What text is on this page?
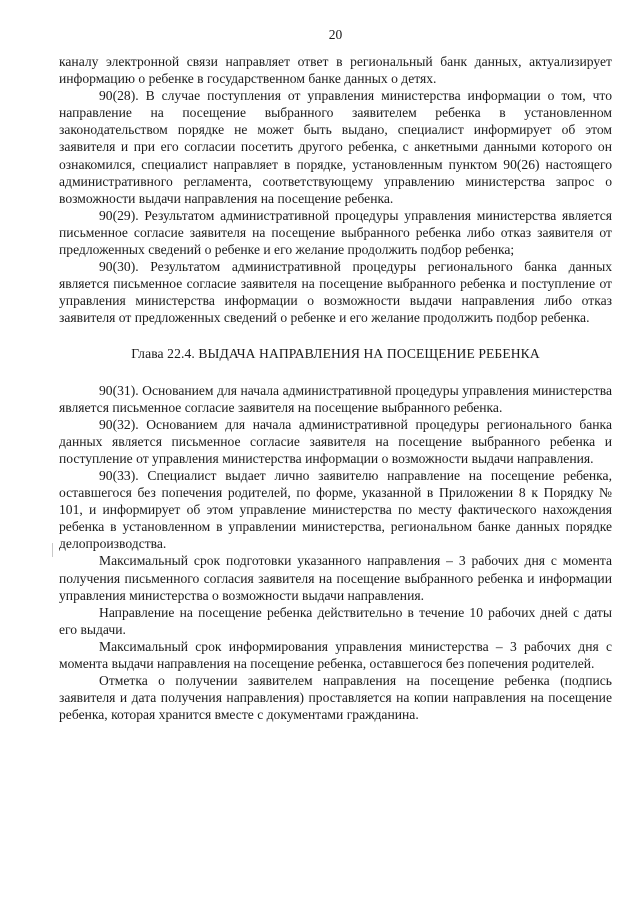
20

каналу электронной связи направляет ответ в региональный банк данных, актуализирует информацию о ребенке в государственном банке данных о детях.

90(28). В случае поступления от управления министерства информации о том, что направление на посещение выбранного заявителем ребенка в установленном законодательством порядке не может быть выдано, специалист информирует об этом заявителя и при его согласии посетить другого ребенка, с анкетными данными которого он ознакомился, специалист направляет в порядке, установленным пунктом 90(26) настоящего административного регламента, соответствующему управлению министерства запрос о возможности выдачи направления на посещение ребенка.

90(29). Результатом административной процедуры управления министерства является письменное согласие заявителя на посещение выбранного ребенка либо отказ заявителя от предложенных сведений о ребенке и его желание продолжить подбор ребенка;

90(30). Результатом административной процедуры регионального банка данных является письменное согласие заявителя на посещение выбранного ребенка и поступление от управления министерства информации о возможности выдачи направления либо отказ заявителя от предложенных сведений о ребенке и его желание продолжить подбор ребенка.

Глава 22.4. ВЫДАЧА НАПРАВЛЕНИЯ НА ПОСЕЩЕНИЕ РЕБЕНКА

90(31). Основанием для начала административной процедуры управления министерства является письменное согласие заявителя на посещение выбранного ребенка.

90(32). Основанием для начала административной процедуры регионального банка данных является письменное согласие заявителя на посещение выбранного ребенка и поступление от управления министерства информации о возможности выдачи направления.

90(33). Специалист выдает лично заявителю направление на посещение ребенка, оставшегося без попечения родителей, по форме, указанной в Приложении 8 к Порядку № 101, и информирует об этом управление министерства по месту фактического нахождения ребенка в установленном в управлении министерства, региональном банке данных порядке делопроизводства.

Максимальный срок подготовки указанного направления – 3 рабочих дня с момента получения письменного согласия заявителя на посещение выбранного ребенка и информации управления министерства о возможности выдачи направления.

Направление на посещение ребенка действительно в течение 10 рабочих дней с даты его выдачи.

Максимальный срок информирования управления министерства – 3 рабочих дня с момента выдачи направления на посещение ребенка, оставшегося без попечения родителей.

Отметка о получении заявителем направления на посещение ребенка (подпись заявителя и дата получения направления) проставляется на копии направления на посещение ребенка, которая хранится вместе с документами гражданина.
